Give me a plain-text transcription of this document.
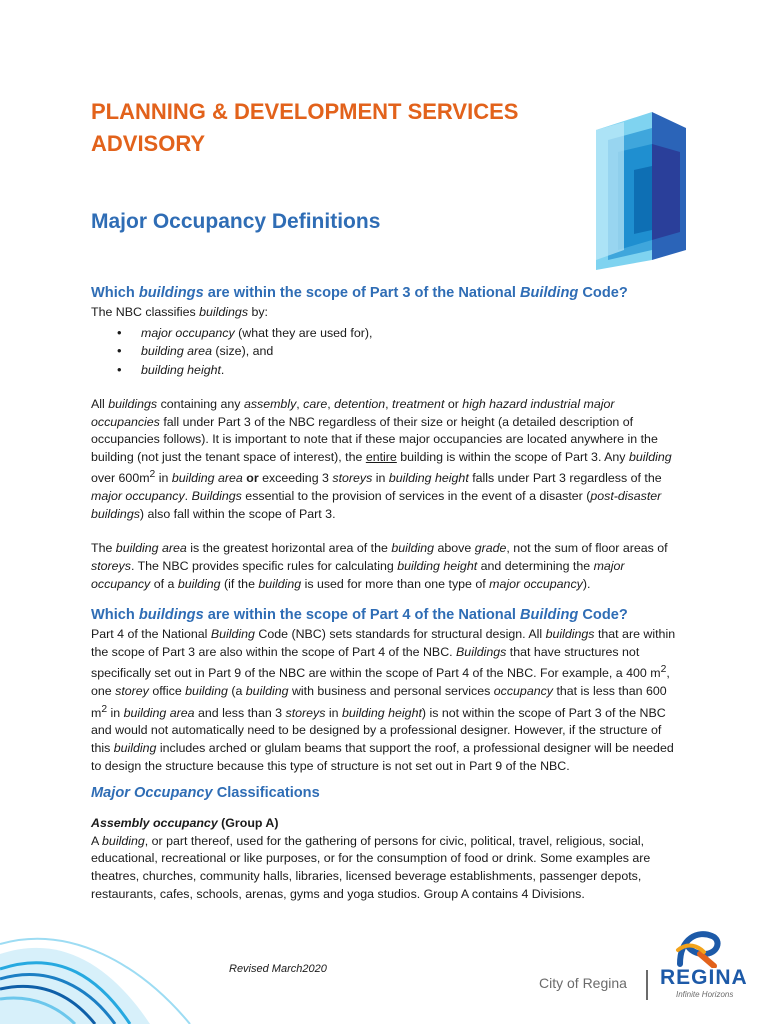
PLANNING & DEVELOPMENT SERVICES
ADVISORY
Major Occupancy Definitions
Which buildings are within the scope of Part 3 of the National Building Code?

The NBC classifies buildings by:

• major occupancy (what they are used for),
• building area (size), and
• building height.

All buildings containing any assembly, care, detention, treatment or high hazard industrial major occupancies fall under Part 3 of the NBC regardless of their size or height (a detailed description of occupancies follows). It is important to note that if these major occupancies are located anywhere in the building (not just the tenant space of interest), the entire building is within the scope of Part 3. Any building over $600m^2$ in building area or exceeding 3 storeys in building height falls under Part 3 regardless of the major occupancy. Buildings essential to the provision of services in the event of a disaster (post-disaster buildings) also fall within the scope of Part 3.

The building area is the greatest horizontal area of the building above grade, not the sum of floor areas of storeys. The NBC provides specific rules for calculating building height and determining the major occupancy of a building (if the building is used for more than one type of major occupancy).

Which buildings are within the scope of Part 4 of the National Building Code?

Part 4 of the National Building Code (NBC) sets standards for structural design. All buildings that are within the scope of Part 3 are also within the scope of Part 4 of the NBC. Buildings that have structures not specifically set out in Part 9 of the NBC are within the scope of Part 4 of the NBC. For example, a 400 $m^2$, one storey office building (a building with business and personal services occupancy that is less than 600 $m^2$ in building area and less than 3 storeys in building height) is not within the scope of Part 3 of the NBC and would not automatically need to be designed by a professional designer. However, if the structure of this building includes arched or glulam beams that support the roof, a professional designer will be needed to design the structure because this type of structure is not set out in Part 9 of the NBC.

Major Occupancy Classifications

Assembly occupancy (Group A)

A building, or part thereof, used for the gathering of persons for civic, political, travel, religious, social, educational, recreational or like purposes, or for the consumption of food or drink. Some examples are theatres, churches, community halls, libraries, licensed beverage establishments, passenger depots, restaurants, cafes, schools, arenas, gyms and yoga studios. Group A contains 4 Divisions.

Revised March2020
City of Regina REGINA
Infinite Horizons
